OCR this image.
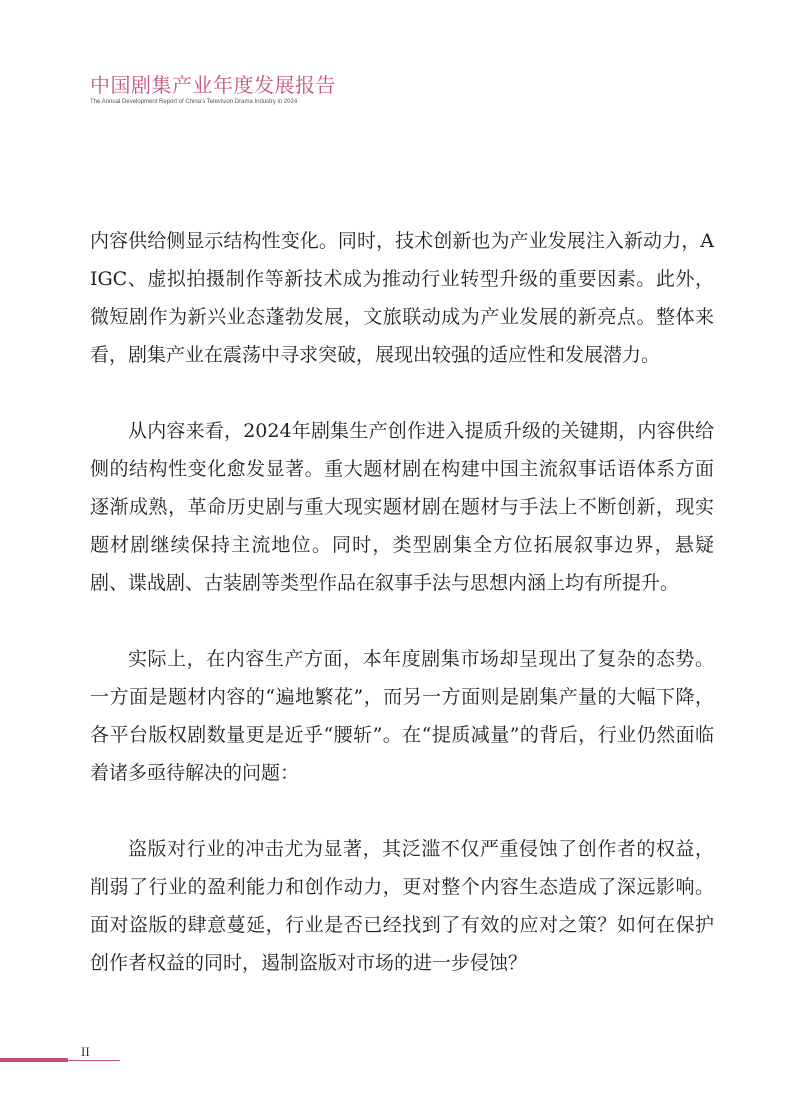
中国剧集产业年度发展报告
The Annual Development Report of China's Television Drama Industry in 2024

内容供给侧显示结构性变化。同时，技术创新也为产业发展注入新动力，AIGC、虚拟拍摄制作等新技术成为推动行业转型升级的重要因素。此外，微短剧作为新兴业态蓬勃发展，文旅联动成为产业发展的新亮点。整体来看，剧集产业在震荡中寻求突破，展现出较强的适应性和发展潜力。

从内容来看，2024年剧集生产创作进入提质升级的关键期，内容供给侧的结构性变化愈发显著。重大题材剧在构建中国主流叙事话语体系方面逐渐成熟，革命历史剧与重大现实题材剧在题材与手法上不断创新，现实题材剧继续保持主流地位。同时，类型剧集全方位拓展叙事边界，悬疑剧、谍战剧、古装剧等类型作品在叙事手法与思想内涵上均有所提升。

实际上，在内容生产方面，本年度剧集市场却呈现出了复杂的态势。一方面是题材内容的“遍地繁花”，而另一方面则是剧集产量的大幅下降，各平台版权剧数量更是近乎“腰斩”。在“提质减量”的背后，行业仍然面临着诸多亟待解决的问题：

盗版对行业的冲击尤为显著，其泛滥不仅严重侵蚀了创作者的权益，削弱了行业的盈利能力和创作动力，更对整个内容生态造成了深远影响。面对盗版的肆意蔓延，行业是否已经找到了有效的应对之策？如何在保护创作者权益的同时，遏制盗版对市场的进一步侵蚀？

II
